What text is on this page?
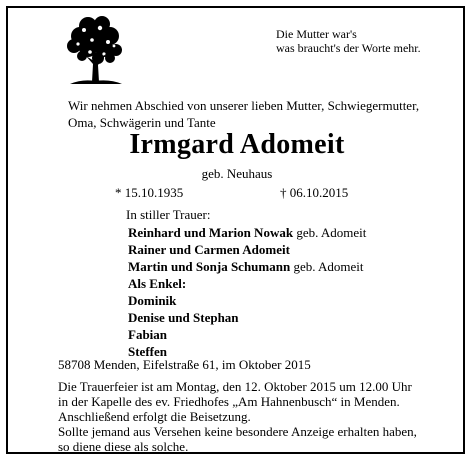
Die Mutter war's
was braucht's der Worte mehr.
Wir nehmen Abschied von unserer lieben Mutter, Schwiegermutter,
Oma, Schwägerin und Tante
Irmgard Adomeit
geb. Neuhaus
* 15.10.1935	† 06.10.2015
In stiller Trauer:
Reinhard und Marion Nowak geb. Adomeit
Rainer und Carmen Adomeit
Martin und Sonja Schumann geb. Adomeit
Als Enkel:
Dominik
Denise und Stephan
Fabian
Steffen
58708 Menden, Eifelstraße 61, im Oktober 2015
Die Trauerfeier ist am Montag, den 12. Oktober 2015 um 12.00 Uhr
in der Kapelle des ev. Friedhofes „Am Hahnenbusch“ in Menden.
Anschließend erfolgt die Beisetzung.
Sollte jemand aus Versehen keine besondere Anzeige erhalten haben,
so diene diese als solche.
